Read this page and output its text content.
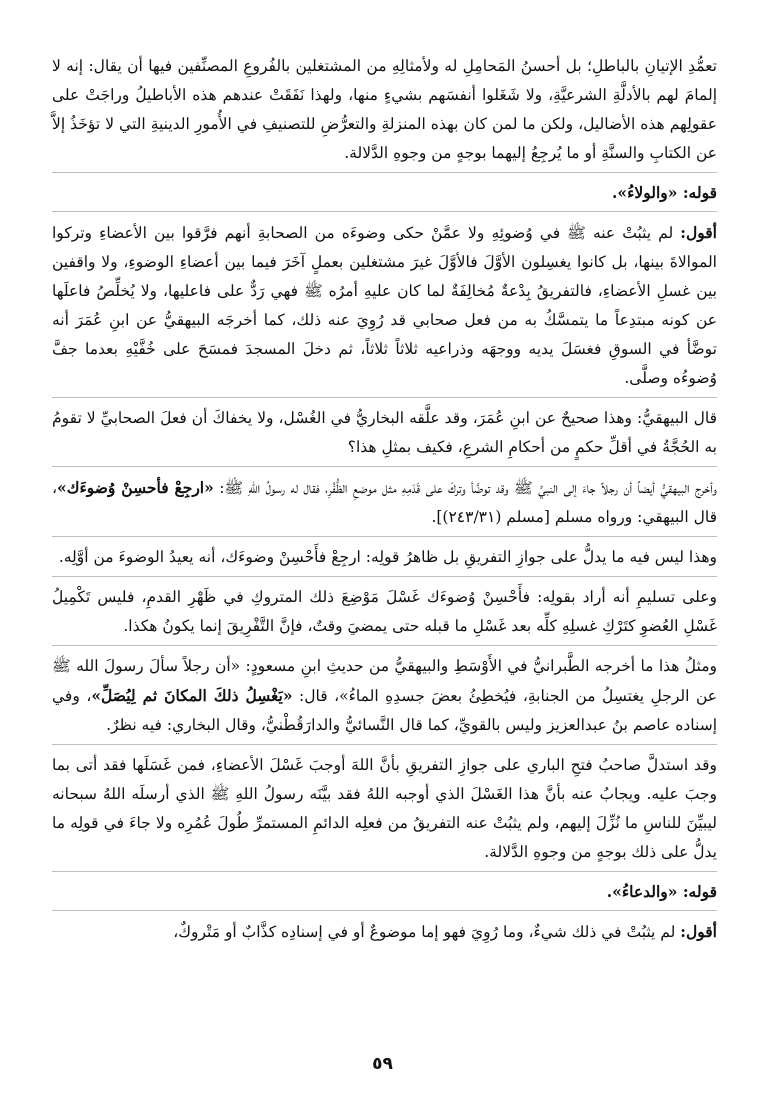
تعمُّدِ الإتيانِ بالباطلِ؛ بل أحسنُ المَحامِلِ له ولأمثالِهِ من المشتغلين بالفُروعِ المصنِّفين فيها أن يقال: إنه لا إلمامَ لهم بالأدلَّةِ الشرعيَّةِ، ولا شَغَلوا أنفسَهم بشيءٍ منها، ولهذا نَفَقَتْ عندهم هذه الأباطيلُ وراجَتْ على عقولِهم هذه الأضاليل، ولكن ما لمن كان بهذه المنزلةِ والتعرُّضِ للتصنيفِ في الأُمورِ الدينيةِ التي لا تؤخَذُ إلاَّ عن الكتابِ والسنَّةِ أو ما يُرجِعُ إليهما بوجهٍ من وجوهِ الدَّلالة.

قوله: «والولاءُ».

أقول: لم يثبُتْ عنه ﷺ في وُضوئِهِ ولا عمَّنْ حكى وضوءَه من الصحابةِ أنهم فرَّقوا بين الأعضاءِ وتركوا الموالاةَ بينها، بل كانوا يغسِلون الأوَّلَ فالأوَّلَ غيرَ مشتغلين بعملٍ آخَرَ فيما بين أعضاءِ الوضوءِ، ولا واقفين بين غسلِ الأعضاءِ، فالتفريقُ بِدْعةٌ مُخالِفَةٌ لما كان عليهِ أمرُه ﷺ فهي رَدٌّ على فاعليها، ولا يُخلِّصُ فاعلَها عن كونه مبتدِعاً ما يتمسَّكُ به من فعل صحابي قد رُوِيَ عنه ذلك، كما أخرجَه البيهقيُّ عن ابنِ عُمَرَ أنه توضَّأ في السوقِ فغسَلَ يديه ووجهَه وذراعيه ثلاثاً ثلاثاً، ثم دخلَ المسجدَ فمسَحَ على خُفَّيْهِ بعدما جفَّ وُضوءُه وصلَّى.

قال البيهقيُّ: وهذا صحيحٌ عن ابنِ عُمَرَ، وقد علَّقه البخاريُّ في الغُسْل، ولا يخفاكَ أن فعلَ الصحابيِّ لا تقومُ به الحُجَّةُ في أقلِّ حكمٍ من أحكامِ الشرعِ، فكيف بمثلِ هذا؟

وأخرج البيهقيُّ أيضاً أن رجلاً جاءَ إلى النبيِّ ﷺ وقد توضَّأ وتركَ على قَدَمِهِ مثل موضعِ الظُّفُرِ، فقال له رسولُ اللهِ ﷺ: «ارجِعْ فأحسِنْ وُضوءَك»، قال البيهقي: ورواه مسلم [مسلم (٢٤٣/٣١)].

وهذا ليس فيه ما يدلُّ على جوازِ التفريقِ بل ظاهرُ قولِه: ارجِعْ فأَحْسِنْ وضوءَك، أنه يعيدُ الوضوءَ من أوَّلِه.

وعلى تسليمِ أنه أراد بقولِه: فأَحْسِنْ وُضوءَك غَسْلَ مَوْضِعَ ذلك المتروكِ في ظَهْرِ القدمِ، فليس تَكْمِيلُ غَسْلِ العُضوِ كتَرْكِ غسلِهِ كلِّه بعد غَسْلِ ما قبله حتى يمضيَ وقتٌ، فإنَّ التَّفْرِيقَ إنما يكونُ هكذا.

ومثلُ هذا ما أخرجه الطَّبرانيُّ في الأَوْسَطِ والبيهقيُّ من حديثِ ابنِ مسعودٍ: «أن رجلاً سألَ رسولَ الله ﷺ عن الرجلِ يغتسِلُ من الجنابةِ، فيُخطِئُ بعضَ جسدِهِ الماءُ»، قال: «يَغْسِلُ ذلكَ المكانَ ثم لِيُصَلِّ»، وفي إسناده عاصم بنُ عبدالعزيز وليس بالقويِّ، كما قال النَّسائيُّ والدارَقُطْنيُّ، وقال البخاري: فيه نظرٌ.

وقد استدلَّ صاحبُ فتحِ الباري على جوازِ التفريقِ بأنَّ اللهَ أوجبَ غَسْلَ الأعضاءِ، فمن غَسَلَها فقد أتى بما وجبَ عليه. ويجابُ عنه بأنَّ هذا الغَسْلَ الذي أوجبه اللهُ فقد بيَّنَه رسولُ اللهِ ﷺ الذي أرسلَه اللهُ سبحانه ليبيِّنَ للناسِ ما نُزِّلَ إليهم، ولم يثبُتْ عنه التفريقُ من فعلِه الدائمِ المستمرِّ طُولَ عُمُرِه ولا جاءَ في قولِه ما يدلُّ على ذلك بوجهٍ من وجوهِ الدَّلالة.

قوله: «والدعاءُ».

أقول: لم يثبُتْ في ذلك شيءٌ، وما رُوِيَ فهو إما موضوعٌ أو في إسنادِه كذَّابٌ أو مَتْروكٌ،

٥٩
